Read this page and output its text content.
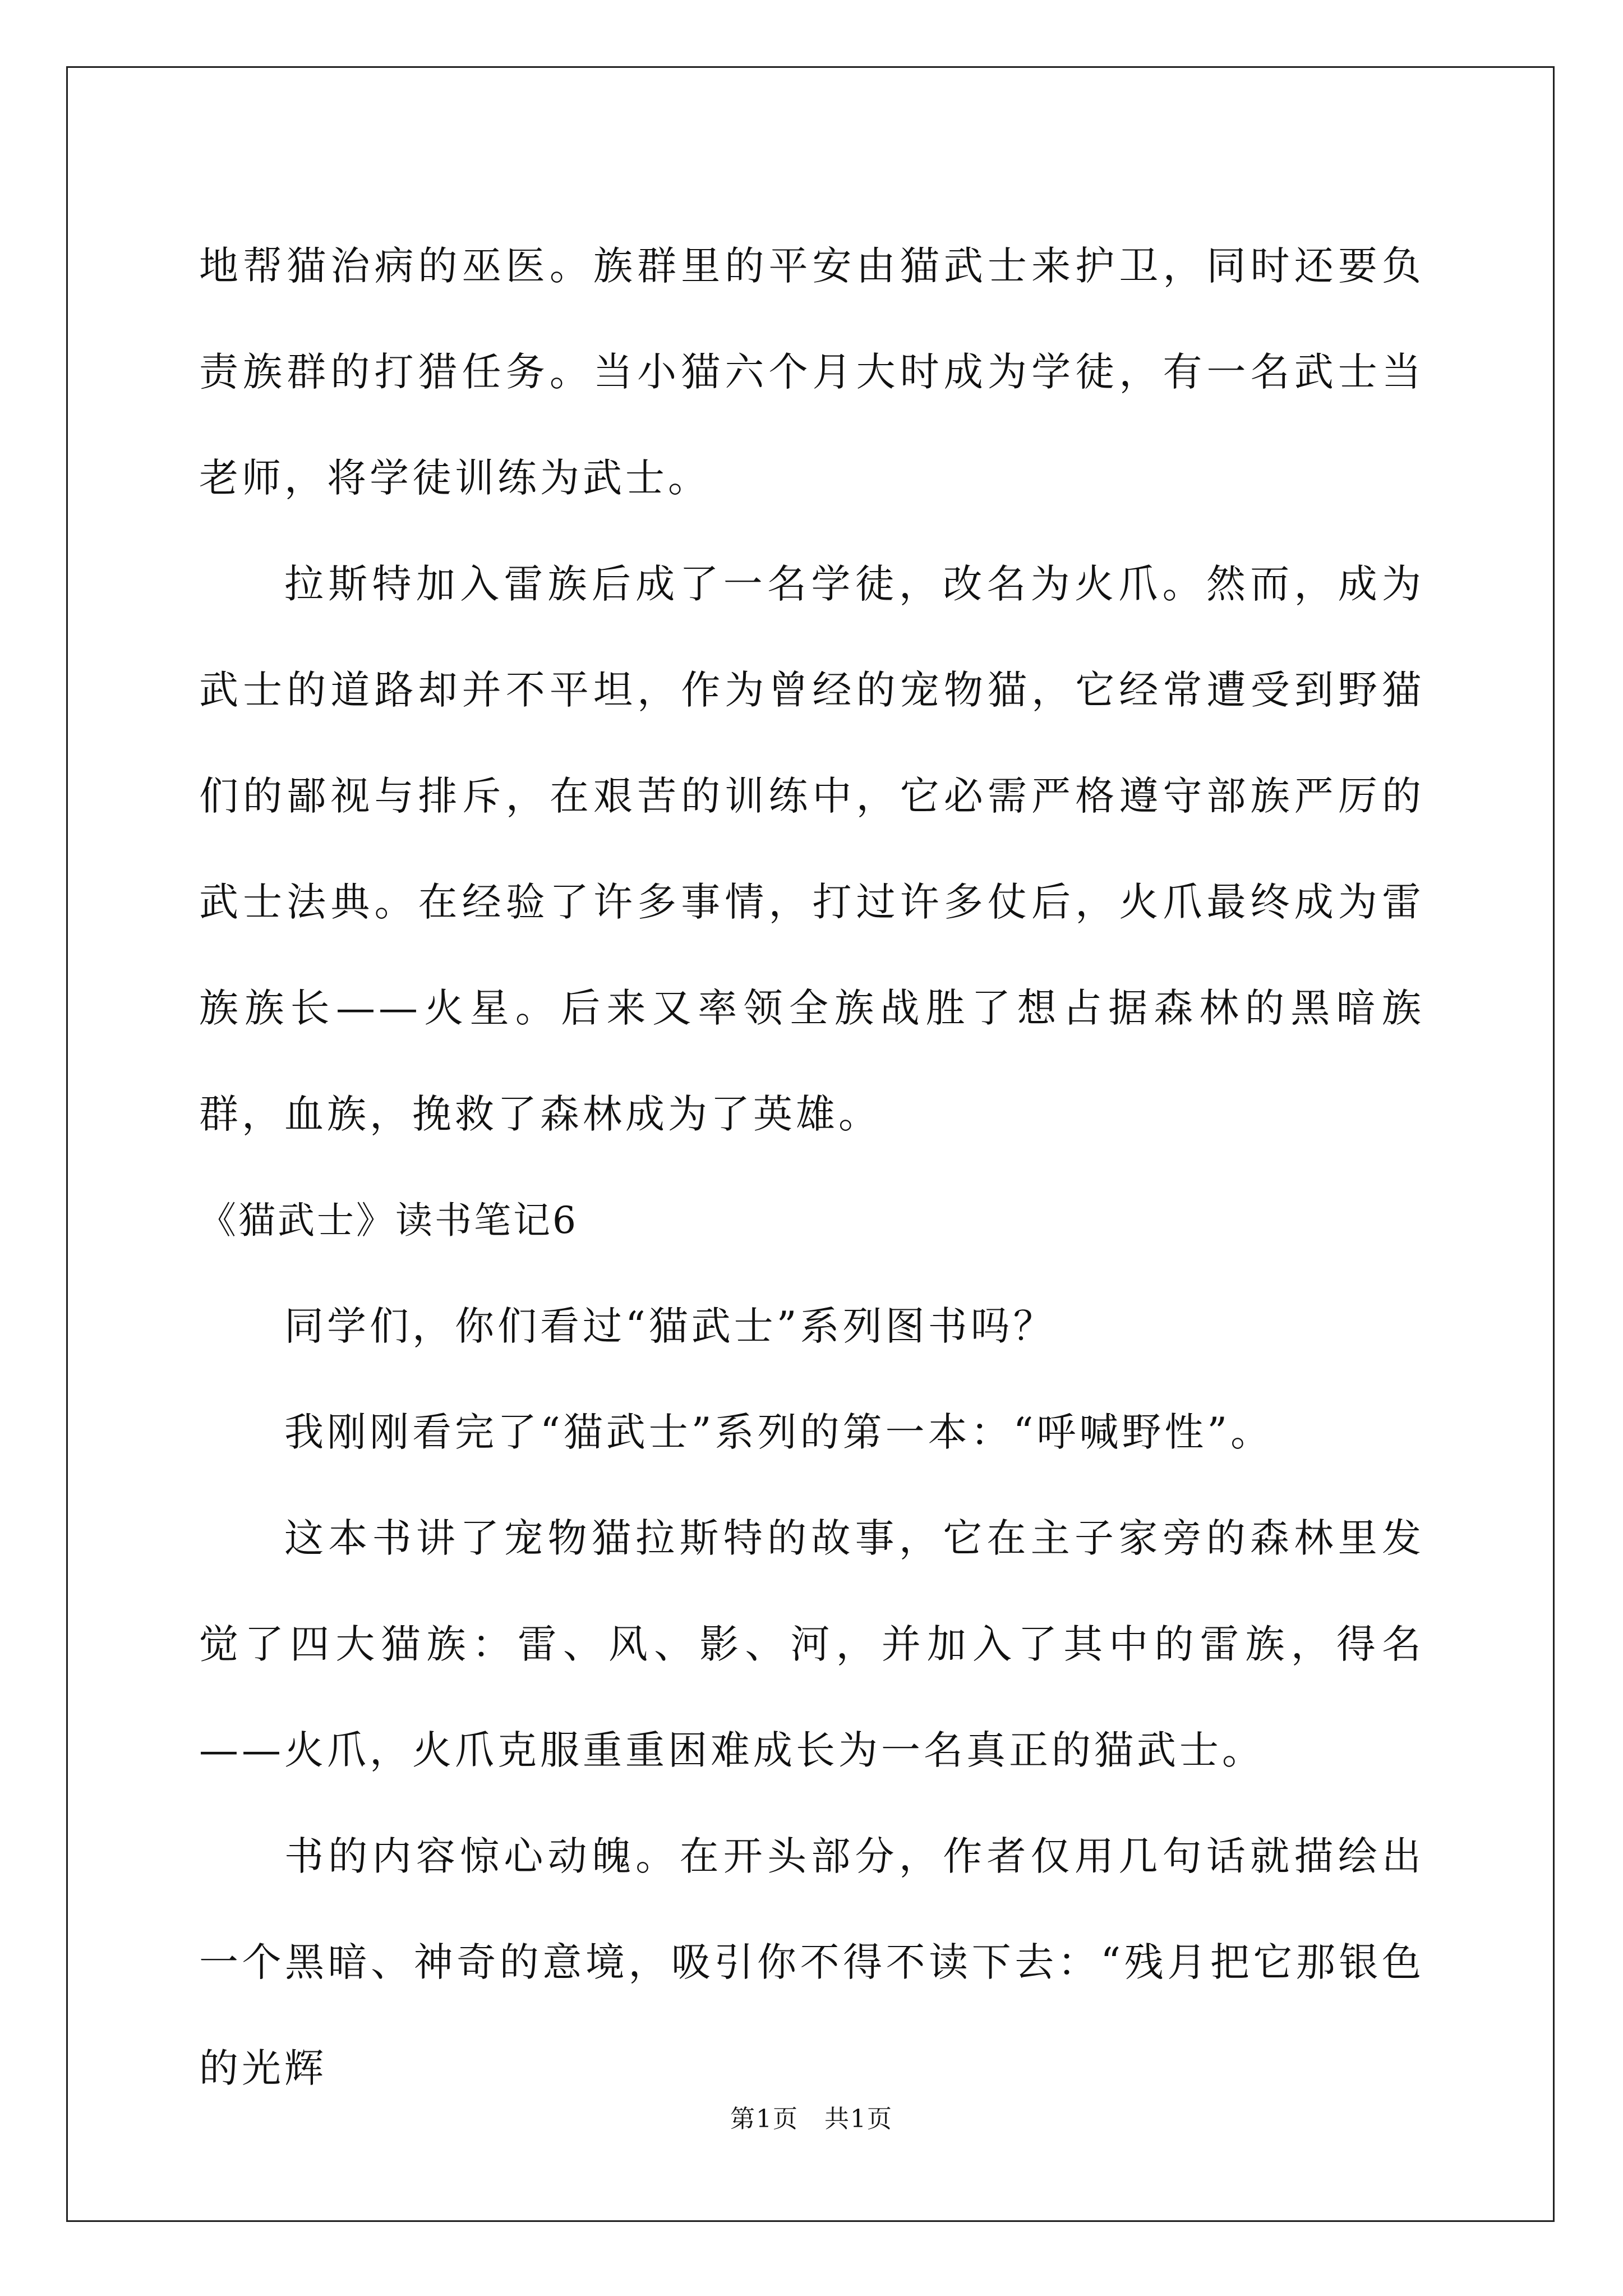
地帮猫治病的巫医。族群里的平安由猫武士来护卫，同时还要负责族群的打猎任务。当小猫六个月大时成为学徒，有一名武士当老师，将学徒训练为武士。

拉斯特加入雷族后成了一名学徒，改名为火爪。然而，成为武士的道路却并不平坦，作为曾经的宠物猫，它经常遭受到野猫们的鄙视与排斥，在艰苦的训练中，它必需严格遵守部族严厉的武士法典。在经验了许多事情，打过许多仗后，火爪最终成为雷族族长——火星。后来又率领全族战胜了想占据森林的黑暗族群，血族，挽救了森林成为了英雄。

《猫武士》读书笔记6

同学们，你们看过“猫武士”系列图书吗？

我刚刚看完了“猫武士”系列的第一本：“呼喊野性”。

这本书讲了宠物猫拉斯特的故事，它在主子家旁的森林里发觉了四大猫族：雷、风、影、河，并加入了其中的雷族，得名——火爪，火爪克服重重困难成长为一名真正的猫武士。

书的内容惊心动魄。在开头部分，作者仅用几句话就描绘出一个黑暗、神奇的意境，吸引你不得不读下去：“残月把它那银色的光辉

第1页　共1页
